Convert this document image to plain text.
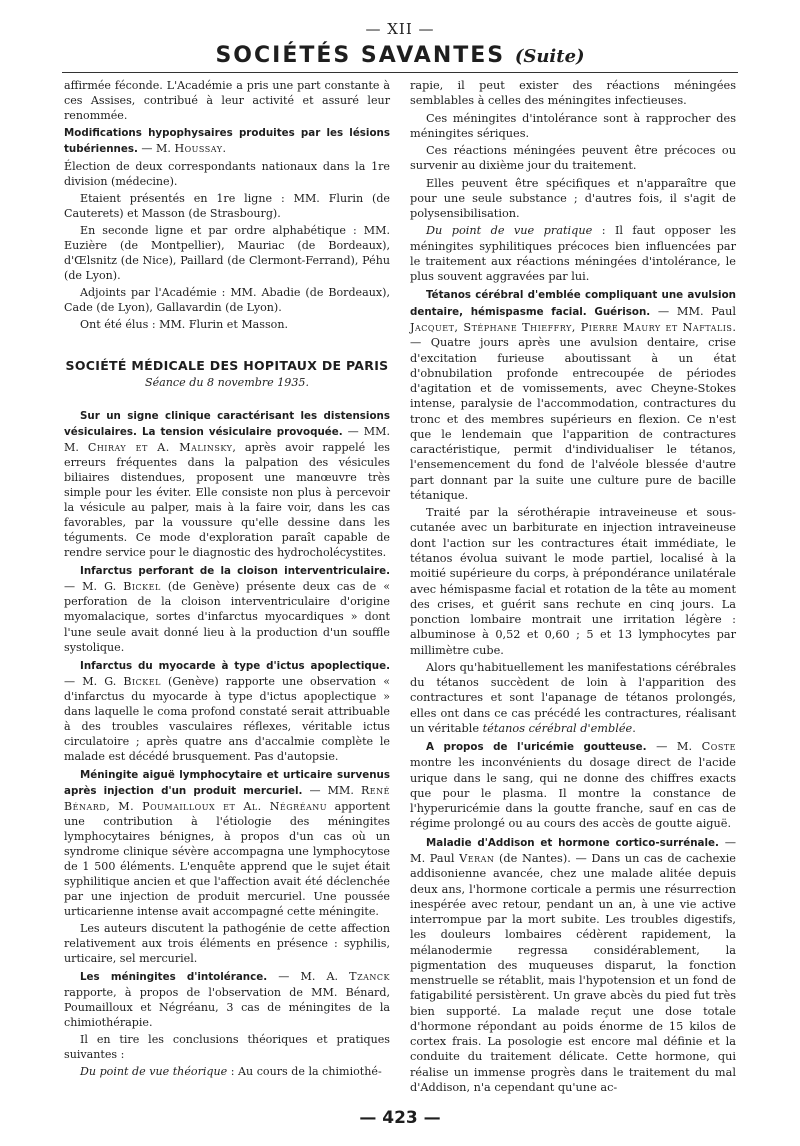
— XII —
SOCIÉTÉS SAVANTES (Suite)

affirmée féconde. L'Académie a pris une part constante à ces Assises, contribué à leur activité et assuré leur renommée.

Modifications hypophysaires produites par les lésions tubériennes. — M. Houssay.

Élection de deux correspondants nationaux dans la 1re division (médecine).

Etaient présentés en 1re ligne : MM. Flurin (de Cauterets) et Masson (de Strasbourg).

En seconde ligne et par ordre alphabétique : MM. Euzière (de Montpellier), Mauriac (de Bordeaux), d'Œlsnitz (de Nice), Paillard (de Clermont-Ferrand), Péhu (de Lyon).

Adjoints par l'Académie : MM. Abadie (de Bordeaux), Cade (de Lyon), Gallavardin (de Lyon).

Ont été élus : MM. Flurin et Masson.

SOCIÉTÉ MÉDICALE DES HOPITAUX DE PARIS
Séance du 8 novembre 1935.

Sur un signe clinique caractérisant les distensions vésiculaires. La tension vésiculaire provoquée. — MM. M. Chiray et A. Malinsky, après avoir rappelé les erreurs fréquentes dans la palpation des vésicules biliaires distendues, proposent une manœuvre très simple pour les éviter. Elle consiste non plus à percevoir la vésicule au palper, mais à la faire voir, dans les cas favorables, par la voussure qu'elle dessine dans les téguments. Ce mode d'exploration paraît capable de rendre service pour le diagnostic des hydrocholécystites.

Infarctus perforant de la cloison interventriculaire. — M. G. Bickel (de Genève) présente deux cas de « perforation de la cloison interventriculaire d'origine myomalacique, sortes d'infarctus myocardiques » dont l'une seule avait donné lieu à la production d'un souffle systolique.

Infarctus du myocarde à type d'ictus apoplectique. — M. G. Bickel (Genève) rapporte une observation « d'infarctus du myocarde à type d'ictus apoplectique » dans laquelle le coma profond constaté serait attribuable à des troubles vasculaires réflexes, véritable ictus circulatoire ; après quatre ans d'accalmie complète le malade est décédé brusquement. Pas d'autopsie.

Méningite aiguë lymphocytaire et urticaire survenus après injection d'un produit mercuriel. — MM. René Bénard, M. Poumailloux et Al. Négréanu apportent une contribution à l'étiologie des méningites lymphocytaires bénignes, à propos d'un cas où un syndrome clinique sévère accompagna une lymphocytose de 1 500 éléments. L'enquête apprend que le sujet était syphilitique ancien et que l'affection avait été déclenchée par une injection de produit mercuriel. Une poussée urticarienne intense avait accompagné cette méningite.

Les auteurs discutent la pathogénie de cette affection relativement aux trois éléments en présence : syphilis, urticaire, sel mercuriel.

Les méningites d'intolérance. — M. A. Tzanck rapporte, à propos de l'observation de MM. Bénard, Poumailloux et Négréanu, 3 cas de méningites de la chimiothérapie.

Il en tire les conclusions théoriques et pratiques suivantes :

Du point de vue théorique : Au cours de la chimiothé-

rapie, il peut exister des réactions méningées semblables à celles des méningites infectieuses.

Ces méningites d'intolérance sont à rapprocher des méningites sériques.

Ces réactions méningées peuvent être précoces ou survenir au dixième jour du traitement.

Elles peuvent être spécifiques et n'apparaître que pour une seule substance ; d'autres fois, il s'agit de polysensibilisation.

Du point de vue pratique : Il faut opposer les méningites syphilitiques précoces bien influencées par le traitement aux réactions méningées d'intolérance, le plus souvent aggravées par lui.

Tétanos cérébral d'emblée compliquant une avulsion dentaire, hémispasme facial. Guérison. — MM. Paul Jacquet, Stéphane Thieffry, Pierre Maury et Naftalis. — Quatre jours après une avulsion dentaire, crise d'excitation furieuse aboutissant à un état d'obnubilation profonde entrecoupée de périodes d'agitation et de vomissements, avec Cheyne-Stokes intense, paralysie de l'accommodation, contractures du tronc et des membres supérieurs en flexion. Ce n'est que le lendemain que l'apparition de contractures caractéristique, permit d'individualiser le tétanos, l'ensemencement du fond de l'alvéole blessée d'autre part donnant par la suite une culture pure de bacille tétanique.

Traité par la sérothérapie intraveineuse et sous-cutanée avec un barbiturate en injection intraveineuse dont l'action sur les contractures était immédiate, le tétanos évolua suivant le mode partiel, localisé à la moitié supérieure du corps, à prépondérance unilatérale avec hémispasme facial et rotation de la tête au moment des crises, et guérit sans rechute en cinq jours. La ponction lombaire montrait une irritation légère : albuminose à 0,52 et 0,60 ; 5 et 13 lymphocytes par millimètre cube.

Alors qu'habituellement les manifestations cérébrales du tétanos succèdent de loin à l'apparition des contractures et sont l'apanage de tétanos prolongés, elles ont dans ce cas précédé les contractures, réalisant un véritable tétanos cérébral d'emblée.

A propos de l'uricémie goutteuse. — M. Coste montre les inconvénients du dosage direct de l'acide urique dans le sang, qui ne donne des chiffres exacts que pour le plasma. Il montre la constance de l'hyperuricémie dans la goutte franche, sauf en cas de régime prolongé ou au cours des accès de goutte aiguë.

Maladie d'Addison et hormone cortico-surrénale. — M. Paul Veran (de Nantes). — Dans un cas de cachexie addisonienne avancée, chez une malade alitée depuis deux ans, l'hormone corticale a permis une résurrection inespérée avec retour, pendant un an, à une vie active interrompue par la mort subite. Les troubles digestifs, les douleurs lombaires cédèrent rapidement, la mélanodermie regressa considérablement, la pigmentation des muqueuses disparut, la fonction menstruelle se rétablit, mais l'hypotension et un fond de fatigabilité persistèrent. Un grave abcès du pied fut très bien supporté. La malade reçut une dose totale d'hormone répondant au poids énorme de 15 kilos de cortex frais. La posologie est encore mal définie et la conduite du traitement délicate. Cette hormone, qui réalise un immense progrès dans le traitement du mal d'Addison, n'a cependant qu'une ac-

— 423 —
